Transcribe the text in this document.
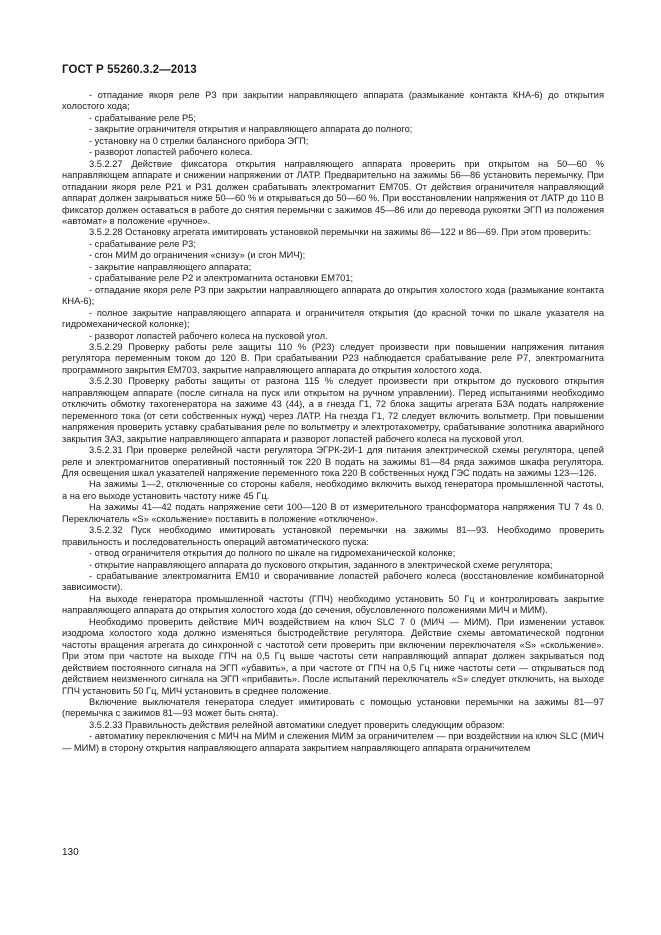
ГОСТ Р 55260.3.2—2013

- отпадание якоря реле Р3 при закрытии направляющего аппарата (размыкание контакта КНА-6) до открытия холостого хода;

- срабатывание реле Р5;

- закрытие ограничителя открытия и направляющего аппарата до полного;

- установку на 0 стрелки балансного прибора ЭГП;

- разворот лопастей рабочего колеса.

3.5.2.27 Действие фиксатора открытия направляющего аппарата проверить при открытом на 50—60 % направляющем аппарате и снижении напряжении от ЛАТР. Предварительно на зажимы 56—86 установить перемычку. При отпадании якоря реле Р21 и Р31 должен срабатывать электромагнит ЕМ705. От действия ограничителя направляющий аппарат должен закрываться ниже 50—60 % и открываться до 50—60 %. При восстановлении напряжения от ЛАТР до 110 В фиксатор должен оставаться в работе до снятия перемычки с зажимов 45—86 или до перевода рукоятки ЭГП из положения «автомат» в положение «ручное».

3.5.2.28 Остановку агрегата имитировать установкой перемычки на зажимы 86—122 и 86—69. При этом проверить:

- срабатывание реле Р3;

- сгон МИМ до ограничения «снизу» (и сгон МИЧ);

- закрытие направляющего аппарата;

- срабатывание реле Р2 и электромагнита остановки ЕМ701;

- отпадание якоря реле Р3 при закрытии направляющего аппарата до открытия холостого хода (размыкание контакта КНА-6);

- полное закрытие направляющего аппарата и ограничителя открытия (до красной точки по шкале указателя на гидромеханической колонке);

- разворот лопастей рабочего колеса на пусковой угол.

3.5.2.29 Проверку работы реле защиты 110 % (Р23) следует произвести при повышении напряжения питания регулятора переменным током до 120 В. При срабатывании Р23 наблюдается срабатывание реле Р7, электромагнита программного закрытия ЕМ703, закрытие направляющего аппарата до открытия холостого хода.

3.5.2.30 Проверку работы защиты от разгона 115 % следует произвести при открытом до пускового открытия направляющем аппарате (после сигнала на пуск или открытом на ручном управлении). Перед испытаниями необходимо отключить обмотку тахогенератора на зажиме 43 (44), а в гнезда Г1, 72 блока защиты агрегата БЗА подать напряжение переменного тока (от сети собственных нужд) через ЛАТР. На гнезда Г1, 72 следует включить вольтметр. При повышении напряжения проверить уставку срабатывания реле по вольтметру и электротахометру, срабатывание золотника аварийного закрытия ЗАЗ, закрытие направляющего аппарата и разворот лопастей рабочего колеса на пусковой угол.

3.5.2.31 При проверке релейной части регулятора ЭГРК-2И-1 для питания электрической схемы регулятора, цепей реле и электромагнитов оперативный постоянный ток 220 В подать на зажимы 81—84 ряда зажимов шкафа регулятора. Для освещения шкал указателей напряжение переменного тока 220 В собственных нужд ГЭС подать на зажимы 123—126.

На зажимы 1—2, отключенные со стороны кабеля, необходимо включить выход генератора промышленной частоты, а на его выходе установить частоту ниже 45 Гц.

На зажимы 41—42 подать напряжение сети 100—120 В от измерительного трансформатора напряжения TU 7 4s 0. Переключатель «S» «скольжение» поставить в положение «отключено».

3.5.2.32 Пуск необходимо имитировать установкой перемычки на зажимы 81—93. Необходимо проверить правильность и последовательность операций автоматического пуска:

- отвод ограничителя открытия до полного по шкале на гидромеханической колонке;

- открытие направляющего аппарата до пускового открытия, заданного в электрической схеме регулятора;

- срабатывание электромагнита ЕМ10 и сворачивание лопастей рабочего колеса (восстановление комбинаторной зависимости).

На выходе генератора промышленной частоты (ГПЧ) необходимо установить 50 Гц и контролировать закрытие направляющего аппарата до открытия холостого хода (до сечения, обусловленного положениями МИЧ и МИМ).

Необходимо проверить действие МИЧ воздействием на ключ SLC 7 0 (МИЧ — МИМ). При изменении уставок изодрома холостого хода должно изменяться быстродействие регулятора. Действие схемы автоматической подгонки частоты вращения агрегата до синхронной с частотой сети проверить при включении переключателя «S» «скольжение». При этом при частоте на выходе ГПЧ на 0,5 Гц выше частоты сети направляющий аппарат должен закрываться под действием постоянного сигнала на ЭГП «убавить», а при частоте от ГПЧ на 0,5 Гц ниже частоты сети — открываться под действием неизменного сигнала на ЭГП «прибавить». После испытаний переключатель «S» следует отключить, на выходе ГПЧ установить 50 Гц, МИЧ установить в среднее положение.

Включение выключателя генератора следует имитировать с помощью установки перемычки на зажимы 81—97 (перемычка с зажимов 81—93 может быть снята).

3.5.2.33 Правильность действия релейной автоматики следует проверить следующим образом:

- автоматику переключения с МИЧ на МИМ и слежения МИМ за ограничителем — при воздействии на ключ SLC (МИЧ — МИМ) в сторону открытия направляющего аппарата закрытием направляющего аппарата ограничителем

130
